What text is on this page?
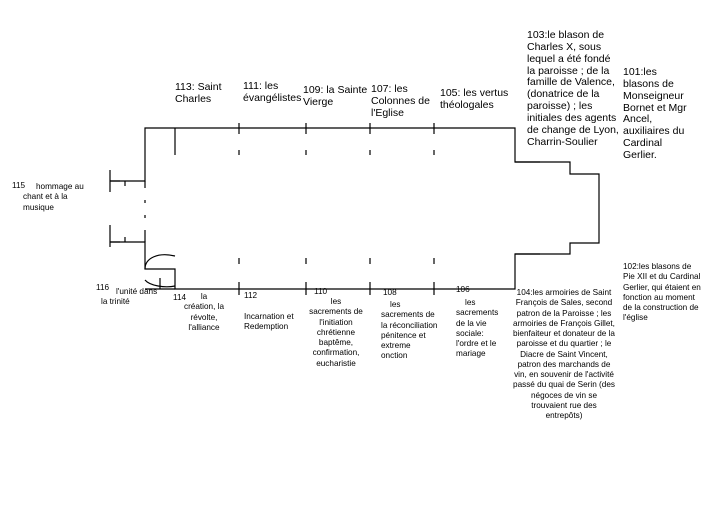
113: Saint
Charles
111: les
évangélistes
109: la Sainte
Vierge
107: les
Colonnes de
l'Eglise
105: les vertus
théologales
103:le blason de
Charles X, sous
lequel a été fondé
la paroisse ; de la
famille de Valence,
(donatrice de la
paroisse) ; les
initiales des agents
de change de Lyon,
Charrin-Soulier
101:les
blasons de
Monseigneur
Bornet et Mgr
Ancel,
auxiliaires du
Cardinal
Gerlier.
102:les blasons de
Pie XII et du Cardinal
Gerlier, qui étaient en
fonction au moment
de la construction de
l'église
115	hommage au
chant et à la
musique
116 l'unité dans
la trinité	114	la
création, la
révolte,
l'alliance
112

Incarnation et
Redemption
110
les
sacrements de
l'initiation
chrétienne
baptême,
confirmation,
eucharistie
108
les
sacrements de
la réconciliation
pénitence et
extreme
onction
106
les
sacrements
de la vie
sociale:
l'ordre et le
mariage
104:les armoiries de Saint
François de Sales, second
patron de la Paroisse ; les
armoiries de François Gillet,
bienfaiteur et donateur de la
paroisse et du quartier ; le
Diacre de Saint Vincent,
patron des marchands de
vin, en souvenir de l'activité
passé du quai de Serin (des
négoces de vin se
trouvaient rue des
entrepôts)
